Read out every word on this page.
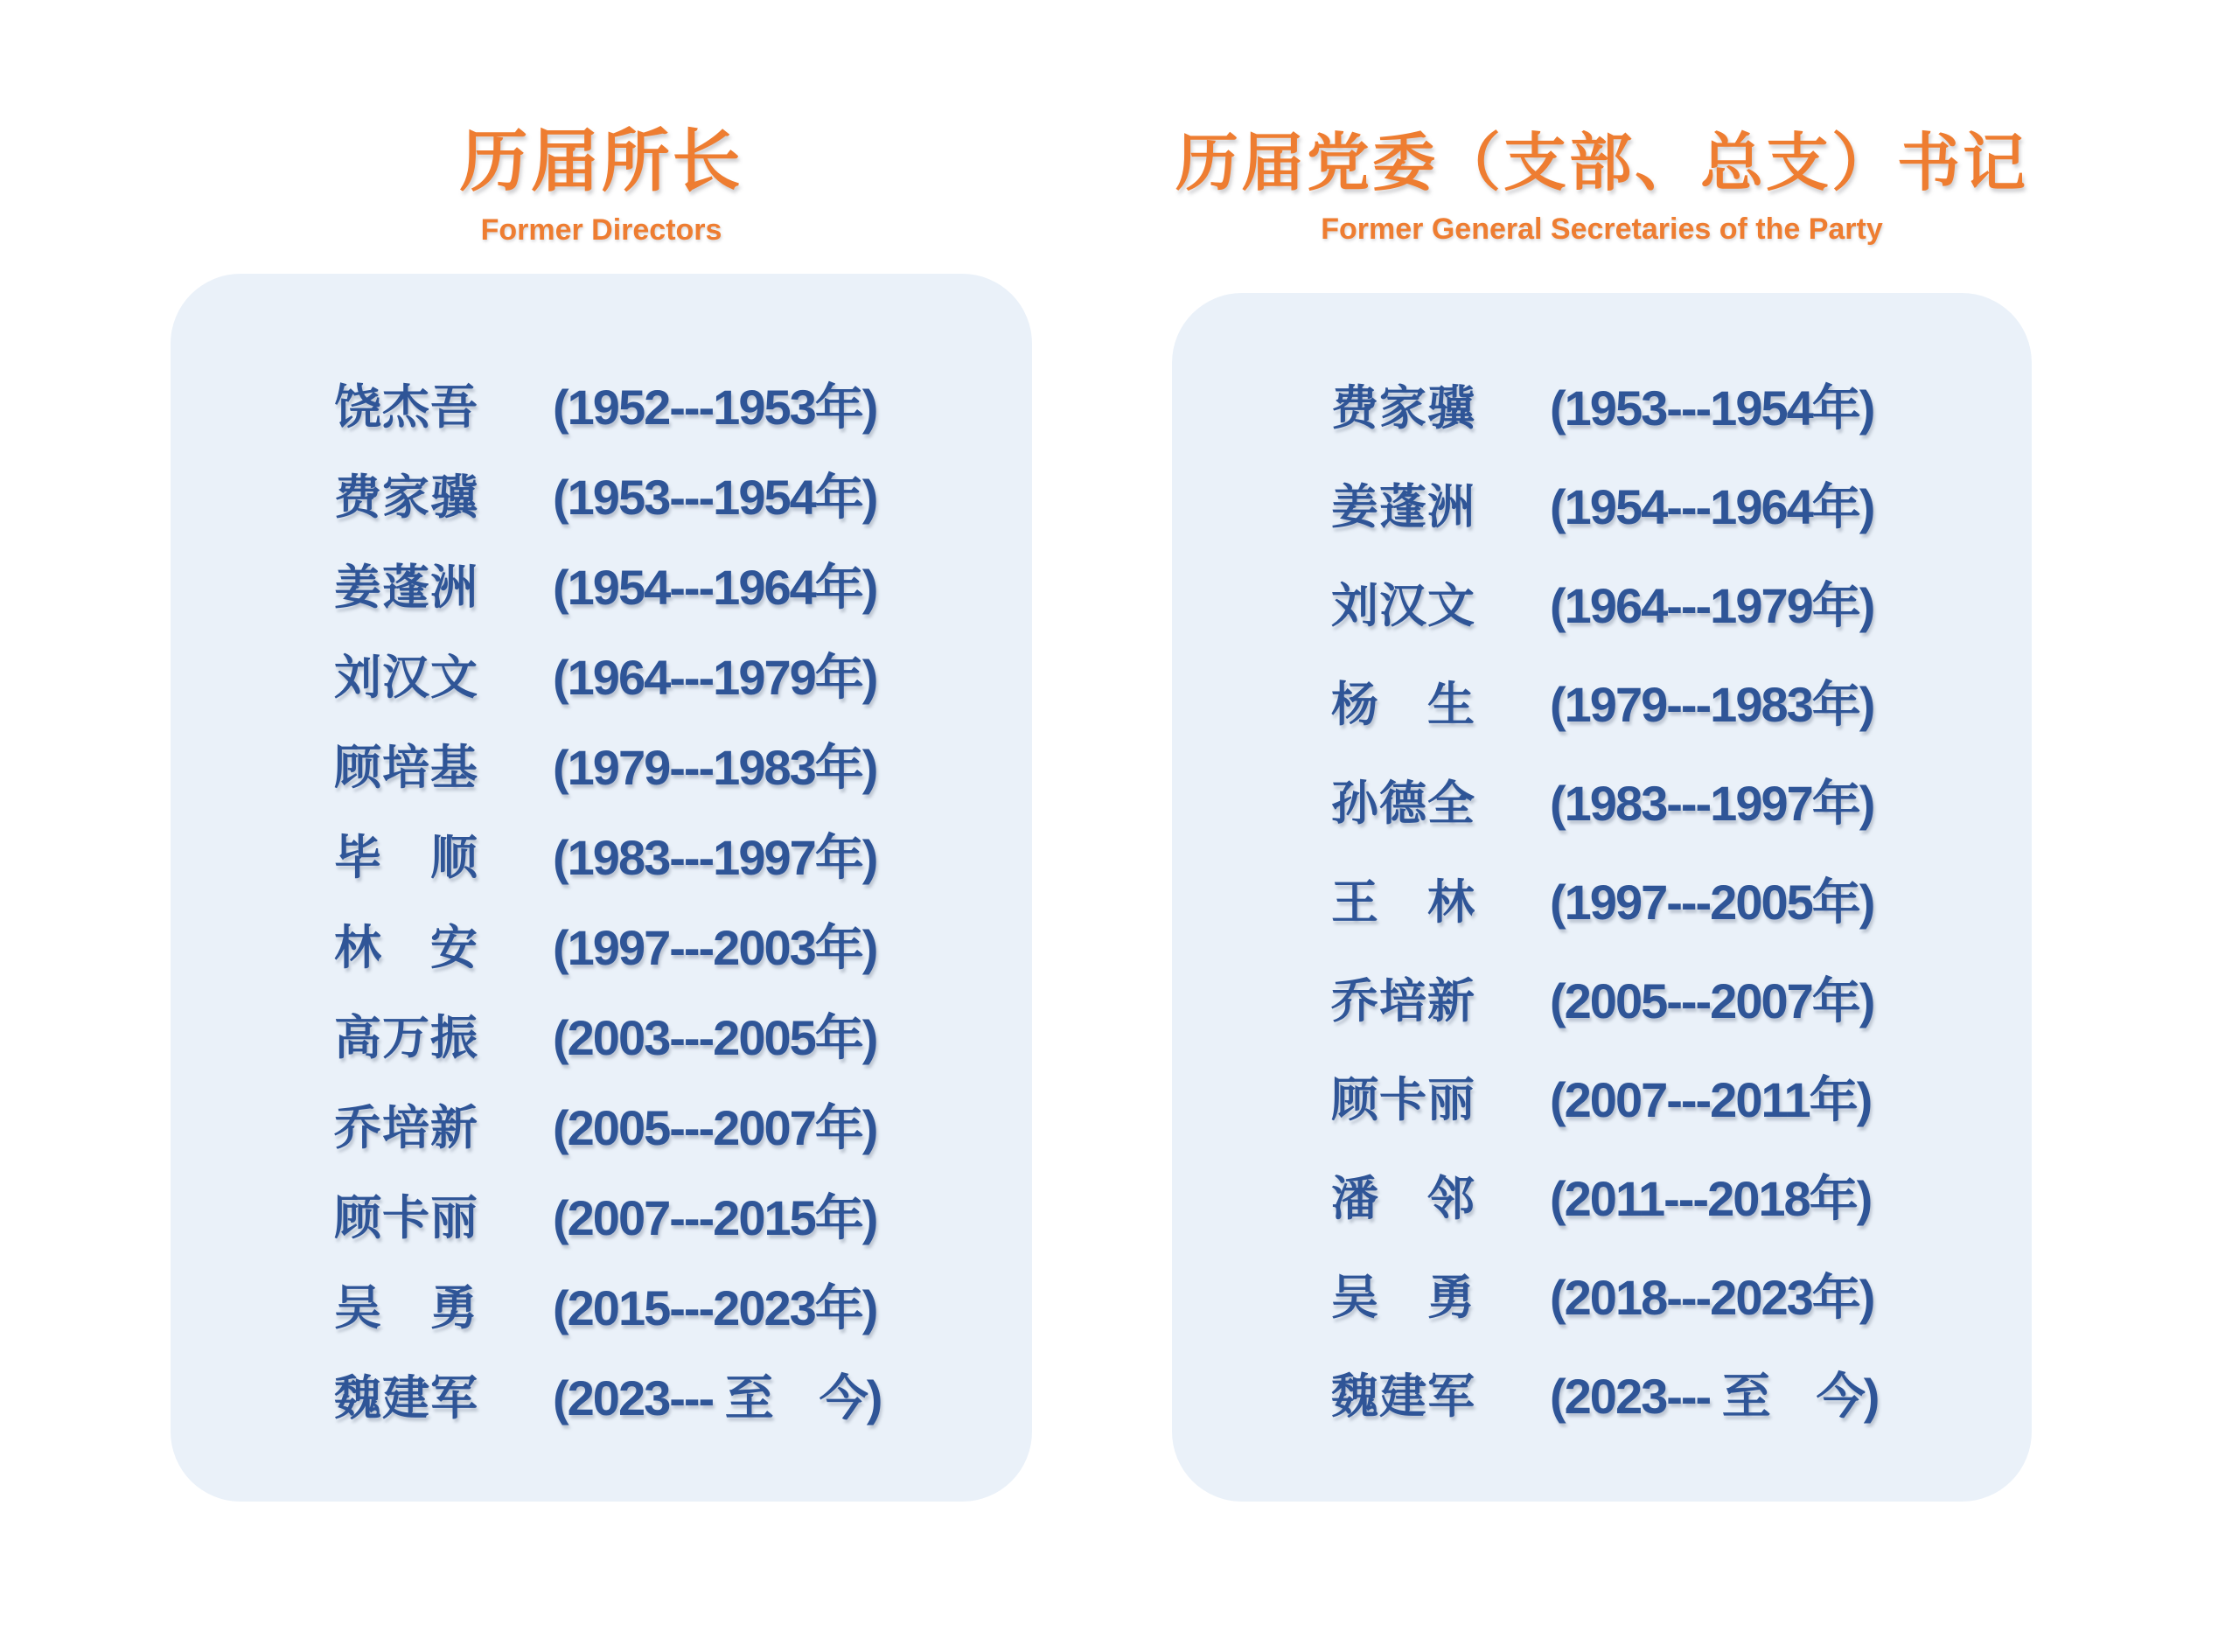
历届所长
Former Directors
历届党委（支部、总支）书记
Former General Secretaries of the Party
饶杰吾	(1952---1953年)
费家骥	(1953---1954年)
姜蓬洲	(1954---1964年)
刘汉文	(1964---1979年)
顾培基	(1979---1983年)
毕　顺	(1983---1997年)
林　安	(1997---2003年)
高万振	(2003---2005年)
乔培新	(2005---2007年)
顾卡丽	(2007---2015年)
吴　勇	(2015---2023年)
魏建军	(2023--- 至　今)
费家骥	(1953---1954年)
姜蓬洲	(1954---1964年)
刘汉文	(1964---1979年)
杨　生	(1979---1983年)
孙德全	(1983---1997年)
王　林	(1997---2005年)
乔培新	(2005---2007年)
顾卡丽	(2007---2011年)
潘　邻	(2011---2018年)
吴　勇	(2018---2023年)
魏建军	(2023--- 至　今)
